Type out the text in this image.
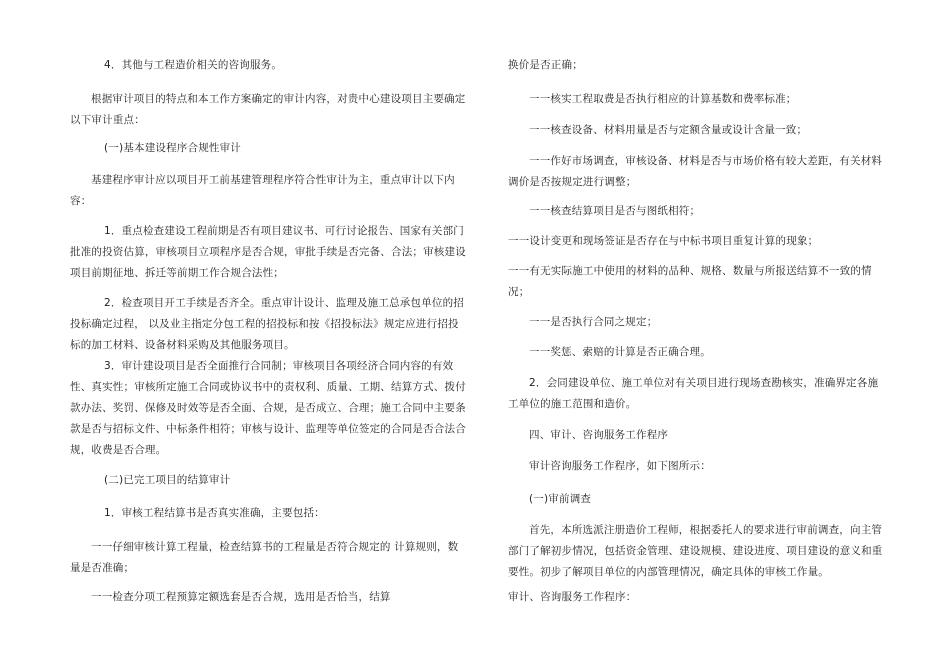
4．其他与工程造价相关的咨询服务。

根据审计项目的特点和本工作方案确定的审计内容，对贵中心建设项目主要确定以下审计重点：

(一)基本建设程序合规性审计

基建程序审计应以项目开工前基建管理程序符合性审计为主，重点审计以下内容：

1．重点检查建设工程前期是否有项目建议书、可行讨论报告、国家有关部门批准的投资估算，审核项目立项程序是否合规，审批手续是否完备、合法；审核建设项目前期征地、拆迁等前期工作合规合法性；

2．检查项目开工手续是否齐全。重点审计设计、监理及施工总承包单位的招投标确定过程， 以及业主指定分包工程的招投标和按《招投标法》规定应进行招投标的加工材料、设备材料采购及其他服务项目。

3．审计建设项目是否全面推行合同制；审核项目各项经济合同内容的有效性、真实性；审核所定施工合同或协议书中的责权利、质量、工期、结算方式、拨付款办法、奖罚、保修及时效等是否全面、合规，是否成立、合理；施工合同中主要条款是否与招标文件、中标条件相符；审核与设计、监理等单位签定的合同是否合法合规，收费是否合理。

(二)已完工项目的结算审计

1．审核工程结算书是否真实准确，主要包括：

一一仔细审核计算工程量，检查结算书的工程量是否符合规定的 计算规则，数量是否准确；

一一检查分项工程预算定额选套是否合规，选用是否恰当，结算

换价是否正确；

一一核实工程取费是否执行相应的计算基数和费率标准；

一一核查设备、材料用量是否与定额含量或设计含量一致；

一一作好市场调查，审核设备、材料是否与市场价格有较大差距，有关材料调价是否按规定进行调整；

一一核查结算项目是否与图纸相符；

一一设计变更和现场签证是否存在与中标书项目重复计算的现象；

一一有无实际施工中使用的材料的品种、规格、数量与所报送结算不一致的情况；

一一是否执行合同之规定；

一一奖惩、索赔的计算是否正确合理。

2．会同建设单位、施工单位对有关项目进行现场查勘核实，准确界定各施工单位的施工范围和造价。

四、审计、咨询服务工作程序

审计咨询服务工作程序，如下图所示：

(一)审前调查

首先，本所选派注册造价工程师，根据委托人的要求进行审前调查，向主管部门了解初步情况，包括资金管理、建设规模、建设进度、项目建设的意义和重要性。初步了解项目单位的内部管理情况，确定具体的审核工作量。

审计、咨询服务工作程序：
